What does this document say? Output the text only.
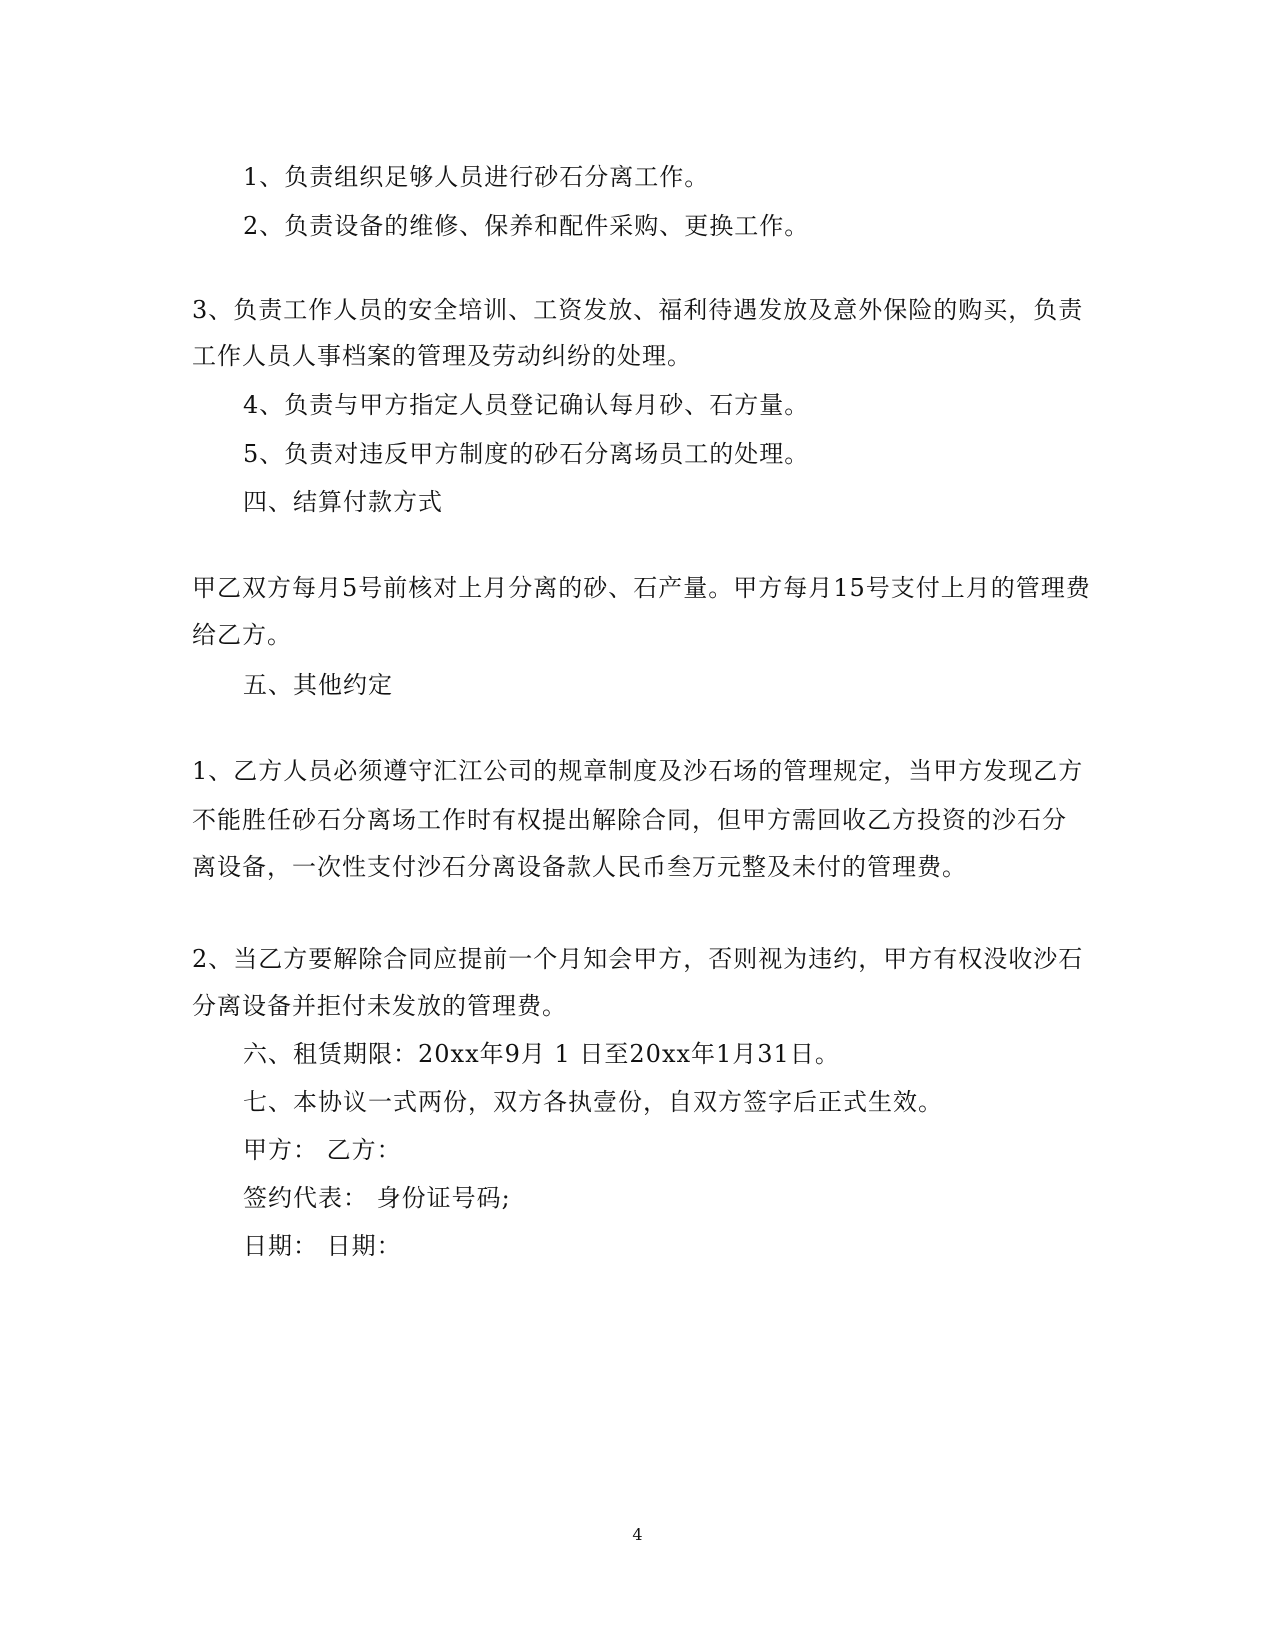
1、负责组织足够人员进行砂石分离工作。
2、负责设备的维修、保养和配件采购、更换工作。
3、负责工作人员的安全培训、工资发放、福利待遇发放及意外保险的购买，负责
工作人员人事档案的管理及劳动纠纷的处理。
4、负责与甲方指定人员登记确认每月砂、石方量。
5、负责对违反甲方制度的砂石分离场员工的处理。
四、结算付款方式
甲乙双方每月5号前核对上月分离的砂、石产量。甲方每月15号支付上月的管理费
给乙方。
五、其他约定
1、乙方人员必须遵守汇江公司的规章制度及沙石场的管理规定，当甲方发现乙方
不能胜任砂石分离场工作时有权提出解除合同，但甲方需回收乙方投资的沙石分
离设备，一次性支付沙石分离设备款人民币叁万元整及未付的管理费。
2、当乙方要解除合同应提前一个月知会甲方，否则视为违约，甲方有权没收沙石
分离设备并拒付未发放的管理费。
六、租赁期限：20xx年9月 1 日至20xx年1月31日。
七、本协议一式两份，双方各执壹份，自双方签字后正式生效。
甲方： 乙方：
签约代表： 身份证号码;
日期： 日期：
4
